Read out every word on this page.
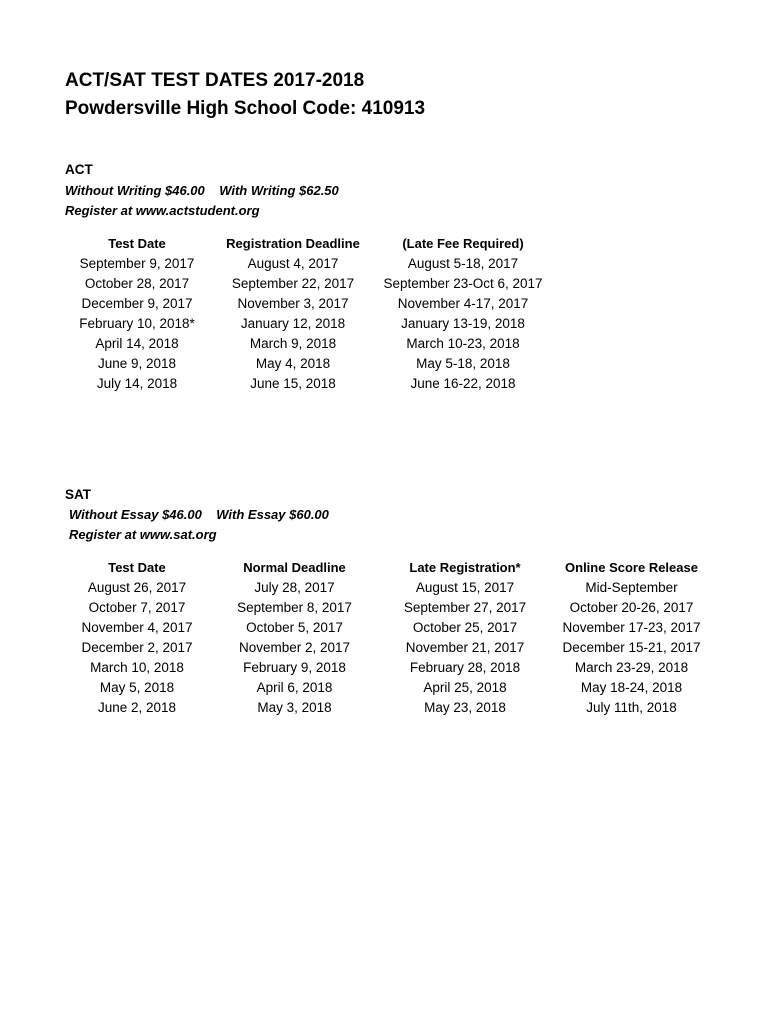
ACT/SAT TEST DATES 2017-2018
Powdersville High School Code: 410913
ACT
Without Writing $46.00    With Writing $62.50
Register at www.actstudent.org
Test Date	Registration Deadline	(Late Fee Required)
September 9, 2017	August 4, 2017	August 5-18, 2017
October 28, 2017	September 22, 2017	September 23-Oct 6, 2017
December 9, 2017	November 3, 2017	November 4-17, 2017
February 10, 2018*	January 12, 2018	January 13-19, 2018
April 14, 2018	March 9, 2018	March 10-23, 2018
June 9, 2018	May 4, 2018	May 5-18, 2018
July 14, 2018	June 15, 2018	June 16-22, 2018
SAT
Without Essay $46.00    With Essay $60.00
Register at www.sat.org
Test Date	Normal Deadline	Late Registration*	Online Score Release
August 26, 2017	July 28, 2017	August 15, 2017	Mid-September
October 7, 2017	September 8, 2017	September 27, 2017	October 20-26, 2017
November 4, 2017	October 5, 2017	October 25, 2017	November 17-23, 2017
December 2, 2017	November 2, 2017	November 21, 2017	December 15-21, 2017
March 10, 2018	February 9, 2018	February 28, 2018	March 23-29, 2018
May 5, 2018	April 6, 2018	April 25, 2018	May 18-24, 2018
June 2, 2018	May 3, 2018	May 23, 2018	July 11th, 2018
